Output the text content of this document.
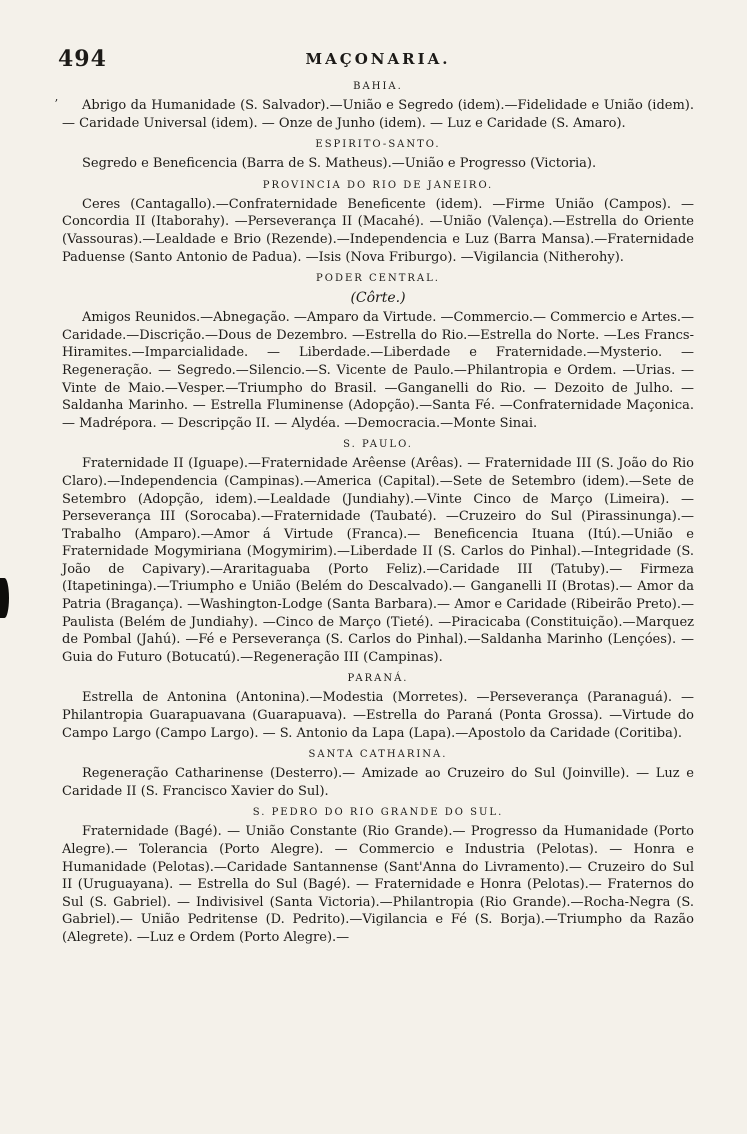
494	MAÇONARIA.
ʼ
BAHIA.

Abrigo da Humanidade (S. Salvador).—União e Segredo (idem).—Fidelidade e União (idem). — Caridade Universal (idem). — Onze de Junho (idem). — Luz e Caridade (S. Amaro).

ESPIRITO-SANTO.

Segredo e Beneficencia (Barra de S. Matheus).—União e Progresso (Victoria).

PROVINCIA DO RIO DE JANEIRO.

Ceres (Cantagallo).—Confraternidade Beneficente (idem). —Firme União (Campos). —Concordia II (Itaborahy). —Perseverança II (Macahé). —União (Valença).—Estrella do Oriente (Vassouras).—Lealdade e Brio (Rezende).—Independencia e Luz (Barra Mansa).—Fraternidade Paduense (Santo Antonio de Padua). —Isis (Nova Friburgo). —Vigilancia (Nitherohy).

PODER CENTRAL.
(Côrte.)

Amigos Reunidos.—Abnegação. —Amparo da Virtude. —Commercio.— Commercio e Artes.—Caridade.—Discrição.—Dous de Dezembro. —Estrella do Rio.—Estrella do Norte. —Les Francs-Hiramites.—Imparcialidade. — Liberdade.—Liberdade e Fraternidade.—Mysterio. — Regeneração. — Segredo.—Silencio.—S. Vicente de Paulo.—Philantropia e Ordem. —Urias. —Vinte de Maio.—Vesper.—Triumpho do Brasil. —Ganganelli do Rio. — Dezoito de Julho. — Saldanha Marinho. — Estrella Fluminense (Adopção).—Santa Fé. —Confraternidade Maçonica.— Madrépora. — Descripção II. — Alydéa. —Democracia.—Monte Sinai.

S. PAULO.

Fraternidade II (Iguape).—Fraternidade Arêense (Arêas). — Fraternidade III (S. João do Rio Claro).—Independencia (Campinas).—America (Capital).—Sete de Setembro (idem).—Sete de Setembro (Adopção, idem).—Lealdade (Jundiahy).—Vinte Cinco de Março (Limeira). —Perseverança III (Sorocaba).—Fraternidade (Taubaté). —Cruzeiro do Sul (Pirassinunga).—Trabalho (Amparo).—Amor á Virtude (Franca).— Beneficencia Ituana (Itú).—União e Fraternidade Mogymiriana (Mogymirim).—Liberdade II (S. Carlos do Pinhal).—Integridade (S. João de Capivary).—Araritaguaba (Porto Feliz).—Caridade III (Tatuby).— Firmeza (Itapetininga).—Triumpho e União (Belém do Descalvado).— Ganganelli II (Brotas).— Amor da Patria (Bragança). —Washington-Lodge (Santa Barbara).— Amor e Caridade (Ribeirão Preto).— Paulista (Belém de Jundiahy). —Cinco de Março (Tieté). —Piracicaba (Constituição).—Marquez de Pombal (Jahú). —Fé e Perseverança (S. Carlos do Pinhal).—Saldanha Marinho (Lençóes). — Guia do Futuro (Botucatú).—Regeneração III (Campinas).

PARANÁ.

Estrella de Antonina (Antonina).—Modestia (Morretes). —Perseverança (Paranaguá). — Philantropia Guarapuavana (Guarapuava). —Estrella do Paraná (Ponta Grossa). —Virtude do Campo Largo (Campo Largo). — S. Antonio da Lapa (Lapa).—Apostolo da Caridade (Coritiba).

SANTA CATHARINA.

Regeneração Catharinense (Desterro).— Amizade ao Cruzeiro do Sul (Joinville). — Luz e Caridade II (S. Francisco Xavier do Sul).

S. PEDRO DO RIO GRANDE DO SUL.

Fraternidade (Bagé). — União Constante (Rio Grande).— Progresso da Humanidade (Porto Alegre).— Tolerancia (Porto Alegre). — Commercio e Industria (Pelotas). — Honra e Humanidade (Pelotas).—Caridade Santannense (Sant'Anna do Livramento).— Cruzeiro do Sul II (Uruguayana). — Estrella do Sul (Bagé). — Fraternidade e Honra (Pelotas).— Fraternos do Sul (S. Gabriel). — Indivisivel (Santa Victoria).—Philantropia (Rio Grande).—Rocha-Negra (S. Gabriel).— União Pedritense (D. Pedrito).—Vigilancia e Fé (S. Borja).—Triumpho da Razão (Alegrete). —Luz e Ordem (Porto Alegre).—
